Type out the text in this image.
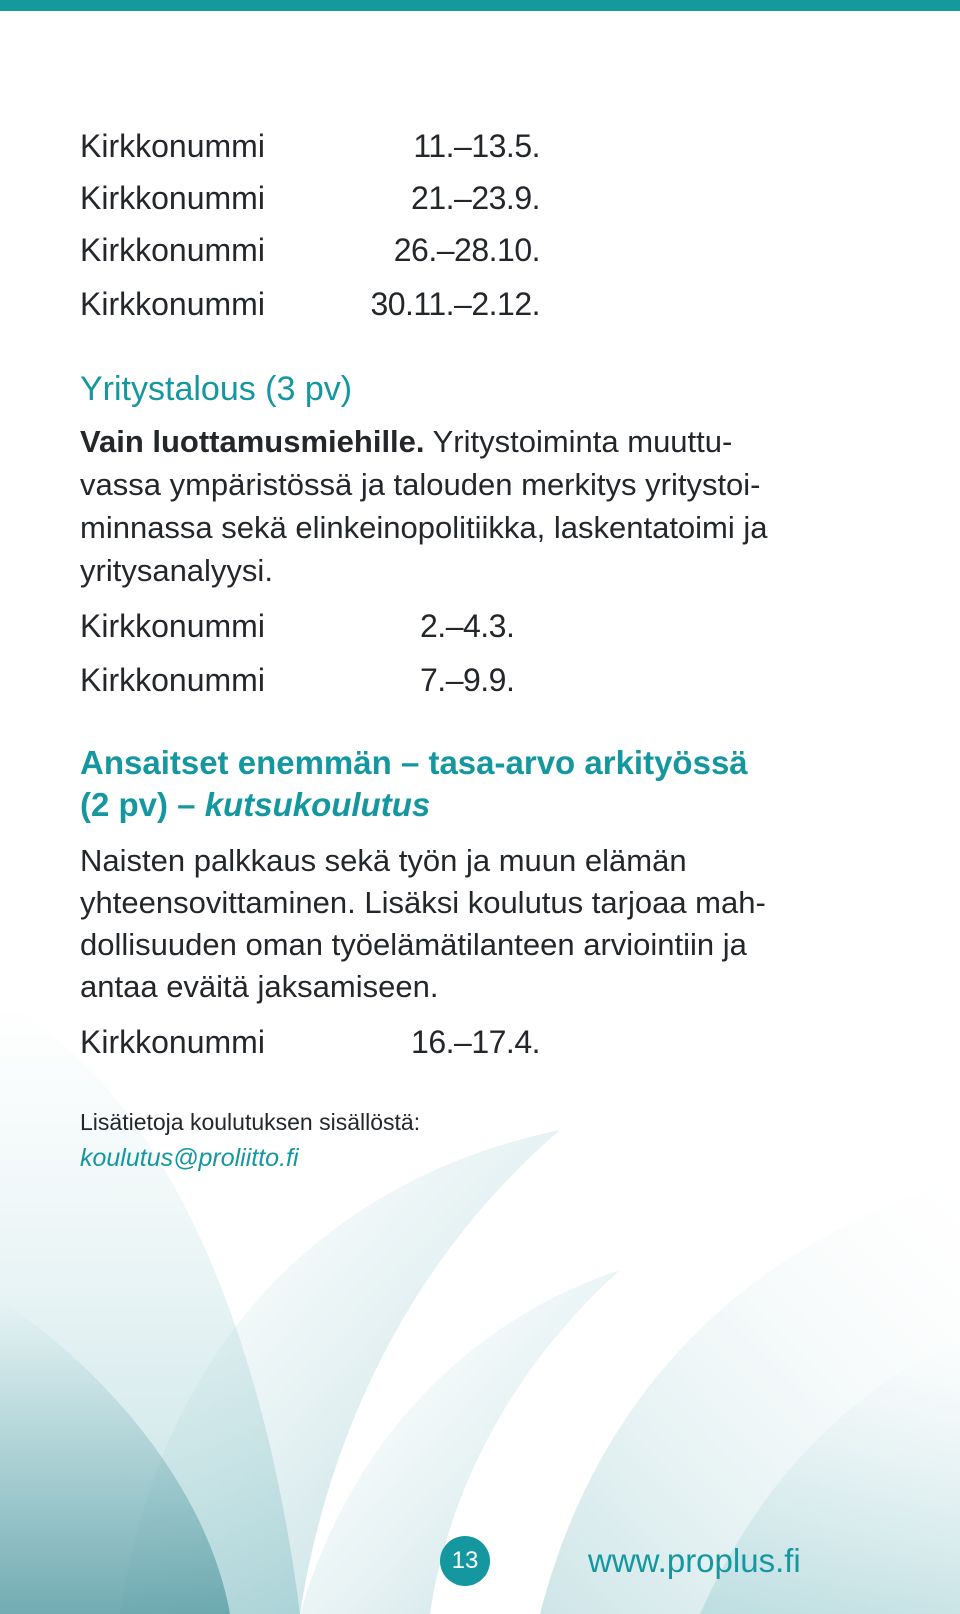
Kirkkonummi	11.–13.5.
Kirkkonummi	21.–23.9.
Kirkkonummi	26.–28.10.
Kirkkonummi	30.11.–2.12.
Yritystalous (3 pv)

Vain luottamusmiehille. Yritystoiminta muuttu-
vassa ympäristössä ja talouden merkitys yritystoi-
minnassa sekä elinkeinopolitiikka, laskentatoimi ja
yritysanalyysi.

Kirkkonummi	2.–4.3.
Kirkkonummi	7.–9.9.
Ansaitset enemmän – tasa-arvo arkityössä
(2 pv) – kutsukoulutus

Naisten palkkaus sekä työn ja muun elämän
yhteensovittaminen. Lisäksi koulutus tarjoaa mah-
dollisuuden oman työelämätilanteen arviointiin ja
antaa eväitä jaksamiseen.

Kirkkonummi	16.–17.4.
Lisätietoja koulutuksen sisällöstä:
koulutus@proliitto.fi
13	www.proplus.fi
